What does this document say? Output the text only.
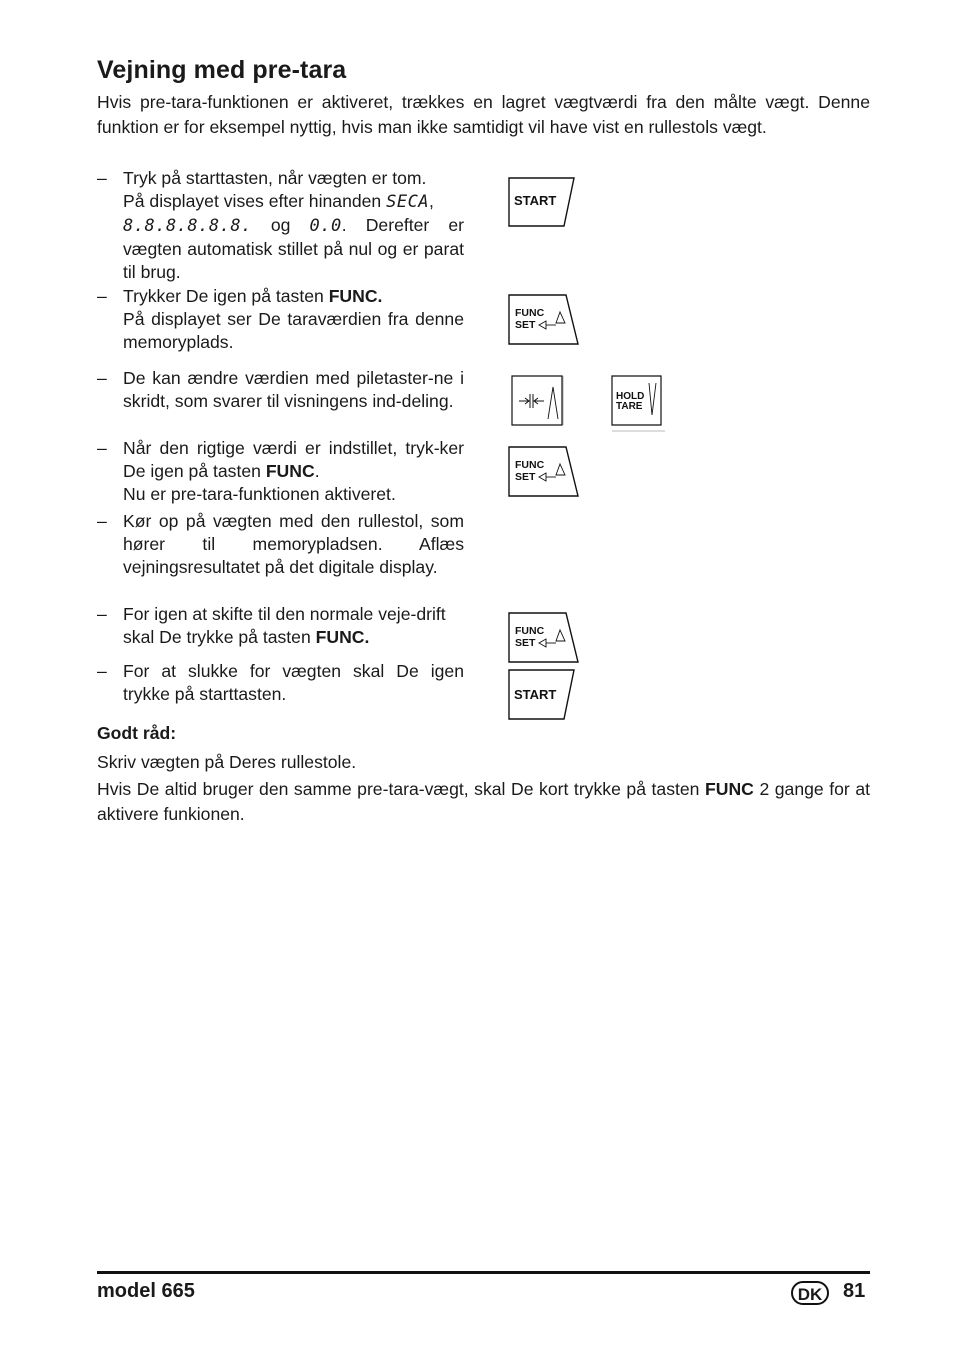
Vejning med pre-tara
Hvis pre-tara-funktionen er aktiveret, trækkes en lagret vægtværdi fra den målte vægt. Denne funktion er for eksempel nyttig, hvis man ikke samtidigt vil have vist en rullestols vægt.
– Tryk på starttasten, når vægten er tom.
På displayet vises efter hinanden SECA,
8.8.8.8.8.8. og 0.0. Derefter er vægten automatisk stillet på nul og er parat til brug.
– Trykker De igen på tasten FUNC.
På displayet ser De taraværdien fra denne memoryplads.
– De kan ændre værdien med piletaster-ne i skridt, som svarer til visningens ind-deling.
– Når den rigtige værdi er indstillet, tryk-ker De igen på tasten FUNC.
Nu er pre-tara-funktionen aktiveret.
– Kør op på vægten med den rullestol, som hører til memorypladsen. Aflæs vejningsresultatet på det digitale display.
– For igen at skifte til den normale veje-drift skal De trykke på tasten FUNC.
– For at slukke for vægten skal De igen trykke på starttasten.
START
FUNC
SET
HOLD
TARE
FUNC
SET
FUNC
SET
START
Godt råd:
Skriv vægten på Deres rullestole.
Hvis De altid bruger den samme pre-tara-vægt, skal De kort trykke på tasten FUNC 2 gange for at aktivere funkionen.
model 665	DK	81
